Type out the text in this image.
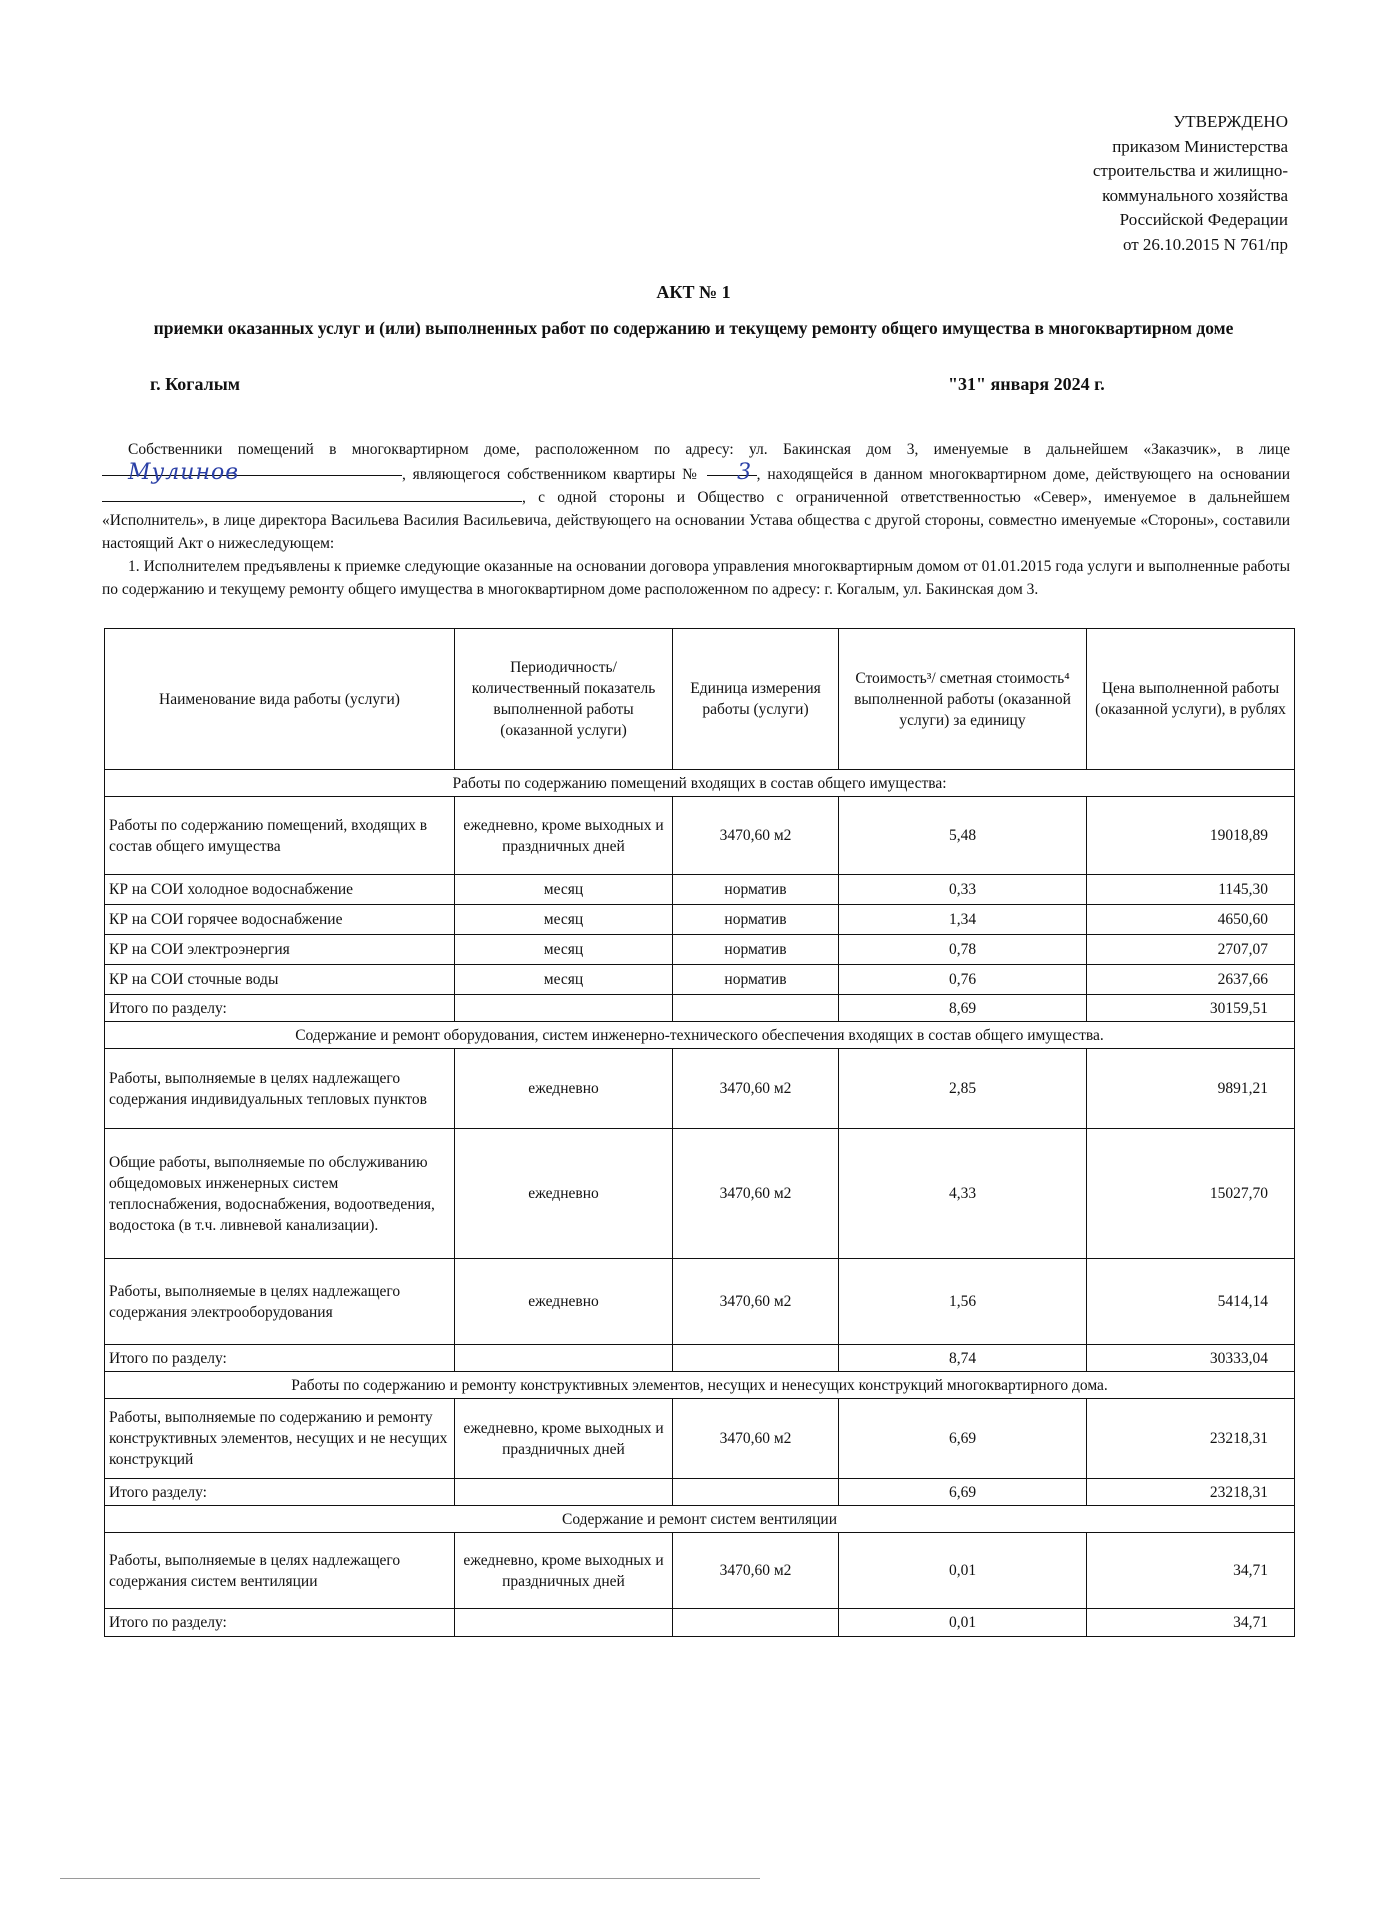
УТВЕРЖДЕНО
приказом Министерства
строительства и жилищно-
коммунального хозяйства
Российской Федерации
от 26.10.2015 N 761/пр
АКТ № 1
приемки оказанных услуг и (или) выполненных работ по содержанию и текущему ремонту общего имущества в многоквартирном доме
г. Когалым	"31" января 2024 г.

Собственники помещений в многоквартирном доме, расположенном по адресу: ул. Бакинская дом 3, именуемые в дальнейшем «Заказчик», в лице Мулинов	, являющегося собственником квартиры № 3 , находящейся в данном многоквартирном доме, действующего на основании , с одной стороны и Общество с ограниченной ответственностью «Север», именуемое в дальнейшем «Исполнитель», в лице директора Васильева Василия Васильевича, действующего на основании Устава общества с другой стороны, совместно именуемые «Стороны», составили настоящий Акт о нижеследующем:

1. Исполнителем предъявлены к приемке следующие оказанные на основании договора управления многоквартирным домом от 01.01.2015 года услуги и выполненные работы по содержанию и текущему ремонту общего имущества в многоквартирном доме расположенном по адресу: г. Когалым, ул. Бакинская дом 3.

Наименование вида работы (услуги)	Периодичность/ количественный показатель выполненной работы (оказанной услуги)	Единица измерения работы (услуги)	Стоимость³/ сметная стоимость⁴ выполненной работы (оказанной услуги) за единицу	Цена выполненной работы (оказанной услуги), в рублях
Работы по содержанию помещений входящих в состав общего имущества:				
Работы по содержанию помещений, входящих в состав общего имущества	ежедневно, кроме выходных и праздничных дней	3470,60 м2	5,48	19018,89
КР на СОИ холодное водоснабжение	месяц	норматив	0,33	1145,30
КР на СОИ горячее водоснабжение	месяц	норматив	1,34	4650,60
КР на СОИ электроэнергия	месяц	норматив	0,78	2707,07
КР на СОИ сточные воды	месяц	норматив	0,76	2637,66
Итого по разделу:			8,69	30159,51
Содержание и ремонт оборудования, систем инженерно-технического обеспечения входящих в состав общего имущества.				
Работы, выполняемые в целях надлежащего содержания индивидуальных тепловых пунктов	ежедневно	3470,60 м2	2,85	9891,21
Общие работы, выполняемые по обслуживанию общедомовых инженерных систем теплоснабжения, водоснабжения, водоотведения, водостока (в т.ч. ливневой канализации).	ежедневно	3470,60 м2	4,33	15027,70
Работы, выполняемые в целях надлежащего содержания электрооборудования	ежедневно	3470,60 м2	1,56	5414,14
Итого по разделу:			8,74	30333,04
Работы по содержанию и ремонту конструктивных элементов, несущих и ненесущих конструкций многоквартирного дома.				
Работы, выполняемые по содержанию и ремонту конструктивных элементов, несущих и не несущих конструкций	ежедневно, кроме выходных и праздничных дней	3470,60 м2	6,69	23218,31
Итого разделу:			6,69	23218,31
Содержание и ремонт систем вентиляции				
Работы, выполняемые в целях надлежащего содержания систем вентиляции	ежедневно, кроме выходных и праздничных дней	3470,60 м2	0,01	34,71
Итого по разделу:			0,01	34,71
